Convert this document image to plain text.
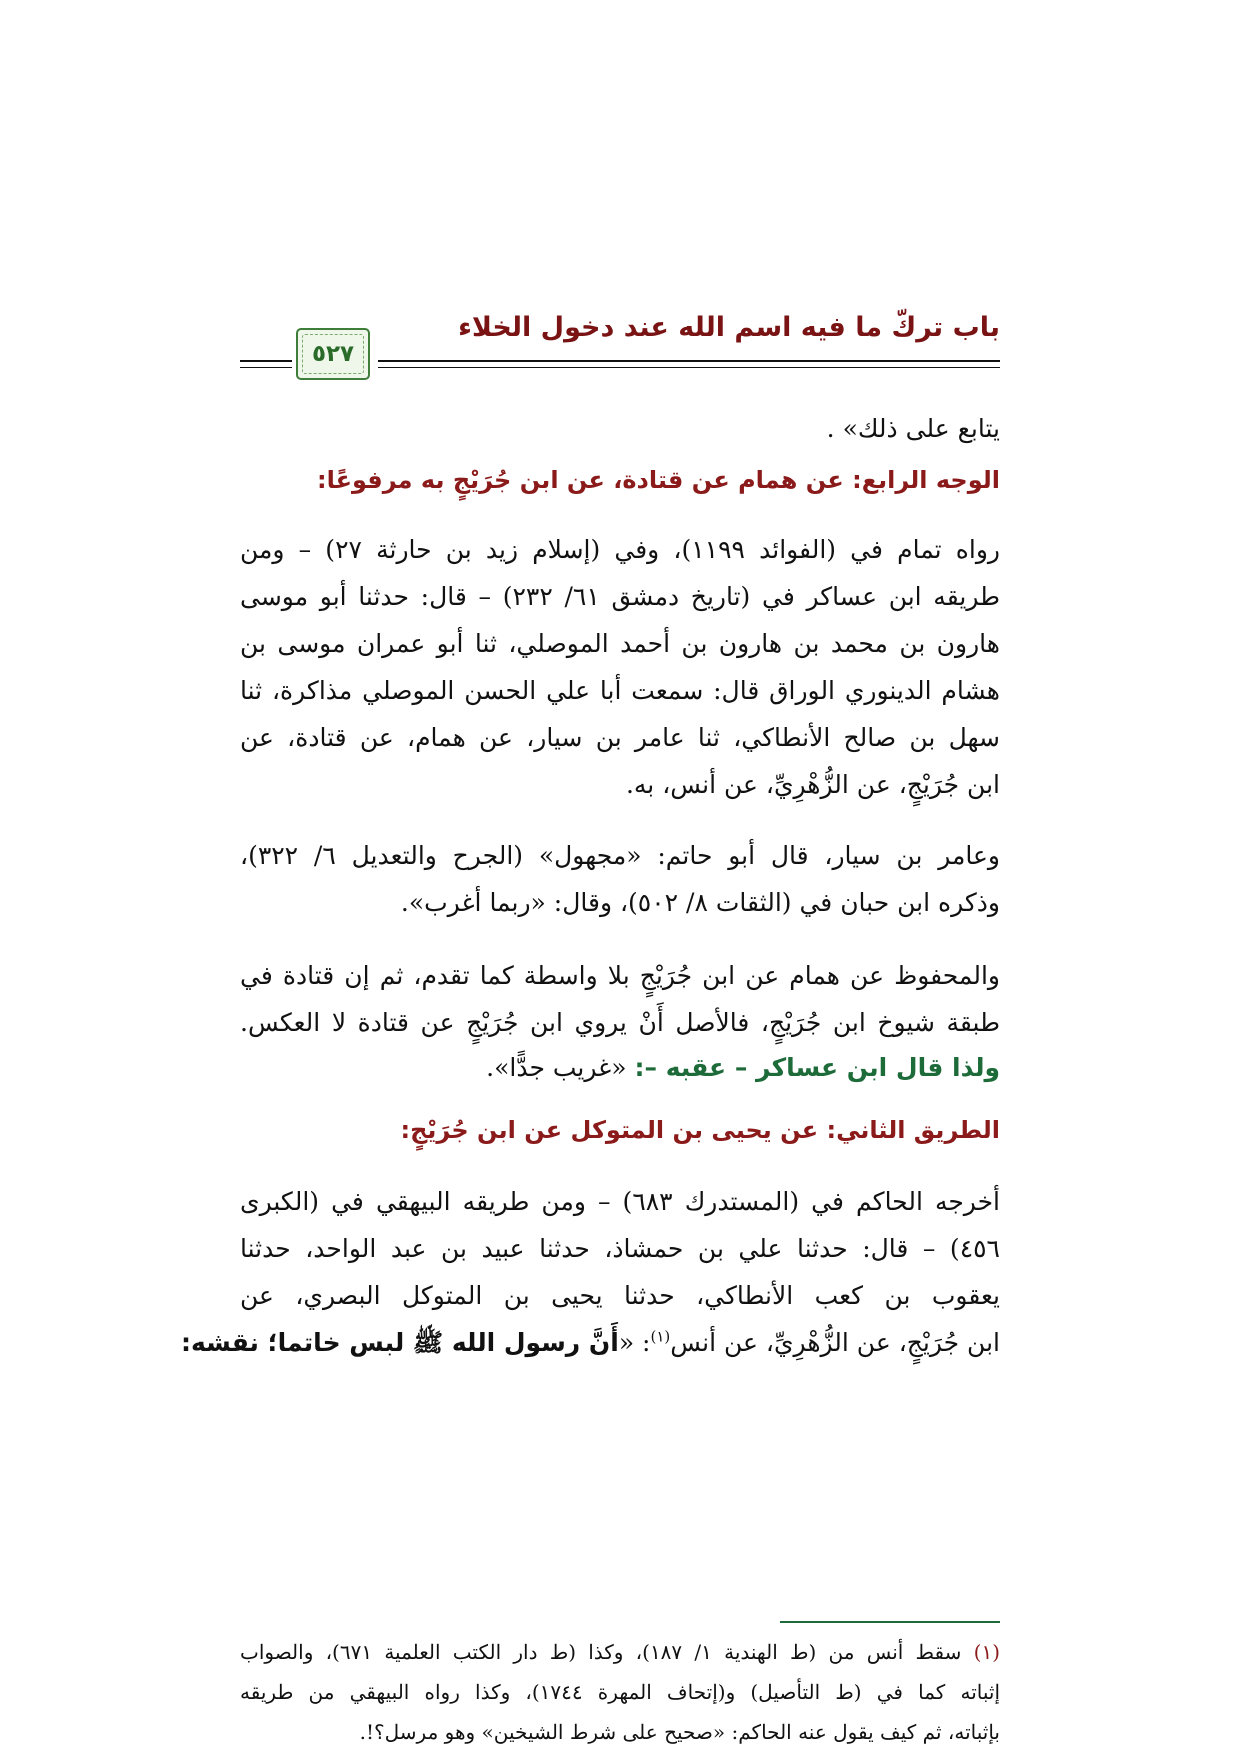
باب تركّ ما فيه اسم الله عند دخول الخلاء
٥٢٧
يتابع على ذلك» .
الوجه الرابع: عن همام عن قتادة، عن ابن جُرَيْجٍ به مرفوعًا:
رواه تمام في (الفوائد ١١٩٩)، وفي (إسلام زيد بن حارثة ٢٧) – ومن
طريقه ابن عساكر في (تاريخ دمشق ٦١/ ٢٣٢) – قال: حدثنا أبو موسى
هارون بن محمد بن هارون بن أحمد الموصلي، ثنا أبو عمران موسى بن
هشام الدينوري الوراق قال: سمعت أبا علي الحسن الموصلي مذاكرة، ثنا
سهل بن صالح الأنطاكي، ثنا عامر بن سيار، عن همام، عن قتادة، عن
ابن جُرَيْجٍ، عن الزُّهْرِيِّ، عن أنس، به.
وعامر بن سيار، قال أبو حاتم: «مجهول» (الجرح والتعديل ٦/ ٣٢٢)،
وذكره ابن حبان في (الثقات ٨/ ٥٠٢)، وقال: «ربما أغرب».
والمحفوظ عن همام عن ابن جُرَيْجٍ بلا واسطة كما تقدم، ثم إن قتادة في
طبقة شيوخ ابن جُرَيْجٍ، فالأصل أَنْ يروي ابن جُرَيْجٍ عن قتادة لا العكس.
ولذا قال ابن عساكر – عقبه –: «غريب جدًّا».
الطريق الثاني: عن يحيى بن المتوكل عن ابن جُرَيْجٍ:
أخرجه الحاكم في (المستدرك ٦٨٣) – ومن طريقه البيهقي في (الكبرى
٤٥٦) – قال: حدثنا علي بن حمشاذ، حدثنا عبيد بن عبد الواحد، حدثنا
يعقوب بن كعب الأنطاكي، حدثنا يحيى بن المتوكل البصري، عن
ابن جُرَيْجٍ، عن الزُّهْرِيِّ، عن أنس$^{(١)}$: «أَنَّ رسول الله ﷺ لبس خاتما؛ نقشه:
(١) سقط أنس من (ط الهندية ١/ ١٨٧)، وكذا (ط دار الكتب العلمية ٦٧١)، والصواب
إثباته كما في (ط التأصيل) و(إتحاف المهرة ١٧٤٤)، وكذا رواه البيهقي من طريقه
بإثباته، ثم كيف يقول عنه الحاكم: «صحيح على شرط الشيخين» وهو مرسل؟!.
